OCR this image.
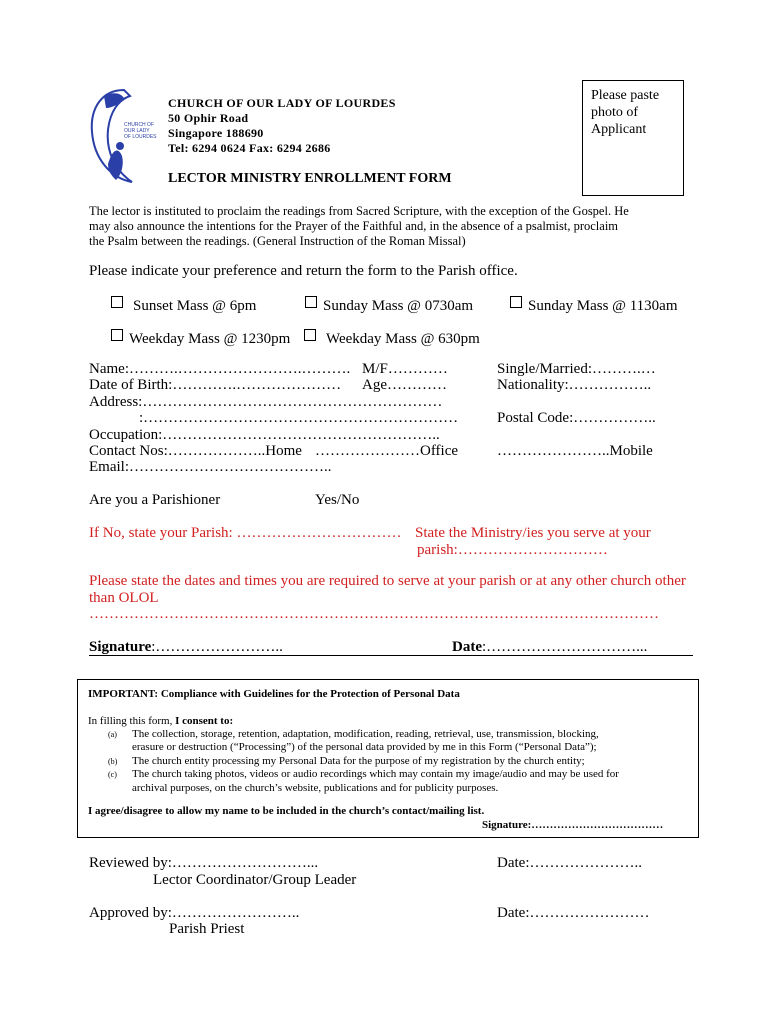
CHURCH OF
OUR LADY
OF LOURDES
CHURCH OF OUR LADY OF LOURDES
50 Ophir Road
Singapore 188690
Tel: 6294 0624 Fax: 6294 2686
Please paste photo of Applicant
LECTOR MINISTRY ENROLLMENT FORM
The lector is instituted to proclaim the readings from Sacred Scripture, with the exception of the Gospel. He
may also announce the intentions for the Prayer of the Faithful and, in the absence of a psalmist, proclaim
the Psalm between the readings. (General Instruction of the Roman Missal)
Please indicate your preference and return the form to the Parish office.
Sunset Mass @ 6pm	Sunday Mass @ 0730am	Sunday Mass @ 1130am
Weekday Mass @ 1230pm	Weekday Mass @ 630pm
Name:……….…………………….………. M/F…………	Single/Married:……….…
Date of Birth:………….………………… Age…………	Nationality:……………..
Address:……………………………………………………
:………………………………………………………	Postal Code:……………..
Occupation:………………………………………………..
Contact Nos:………………..Home …………………Office	…………………..Mobile
Email:…………………………………..
Are you a Parishioner	Yes/No
If No, state your Parish: …………………………… State the Ministry/ies you serve at your
parish:…………………………
Please state the dates and times you are required to serve at your parish or at any other church other
than OLOL
……………………………………………………………………………………………………
Signature:……………………..	Date:…………………………...
IMPORTANT: Compliance with Guidelines for the Protection of Personal Data
In filling this form, I consent to:
(a) The collection, storage, retention, adaptation, modification, reading, retrieval, use, transmission, blocking,
erasure or destruction (“Processing”) of the personal data provided by me in this Form (“Personal Data”);
(b) The church entity processing my Personal Data for the purpose of my registration by the church entity;
(c) The church taking photos, videos or audio recordings which may contain my image/audio and may be used for
archival purposes, on the church’s website, publications and for publicity purposes.
I agree/disagree to allow my name to be included in the church’s contact/mailing list.
Signature:………………………………
Reviewed by:………………………...
Lector Coordinator/Group Leader
Date:…………………..
Approved by:……………………..
Parish Priest
Date:……………………
